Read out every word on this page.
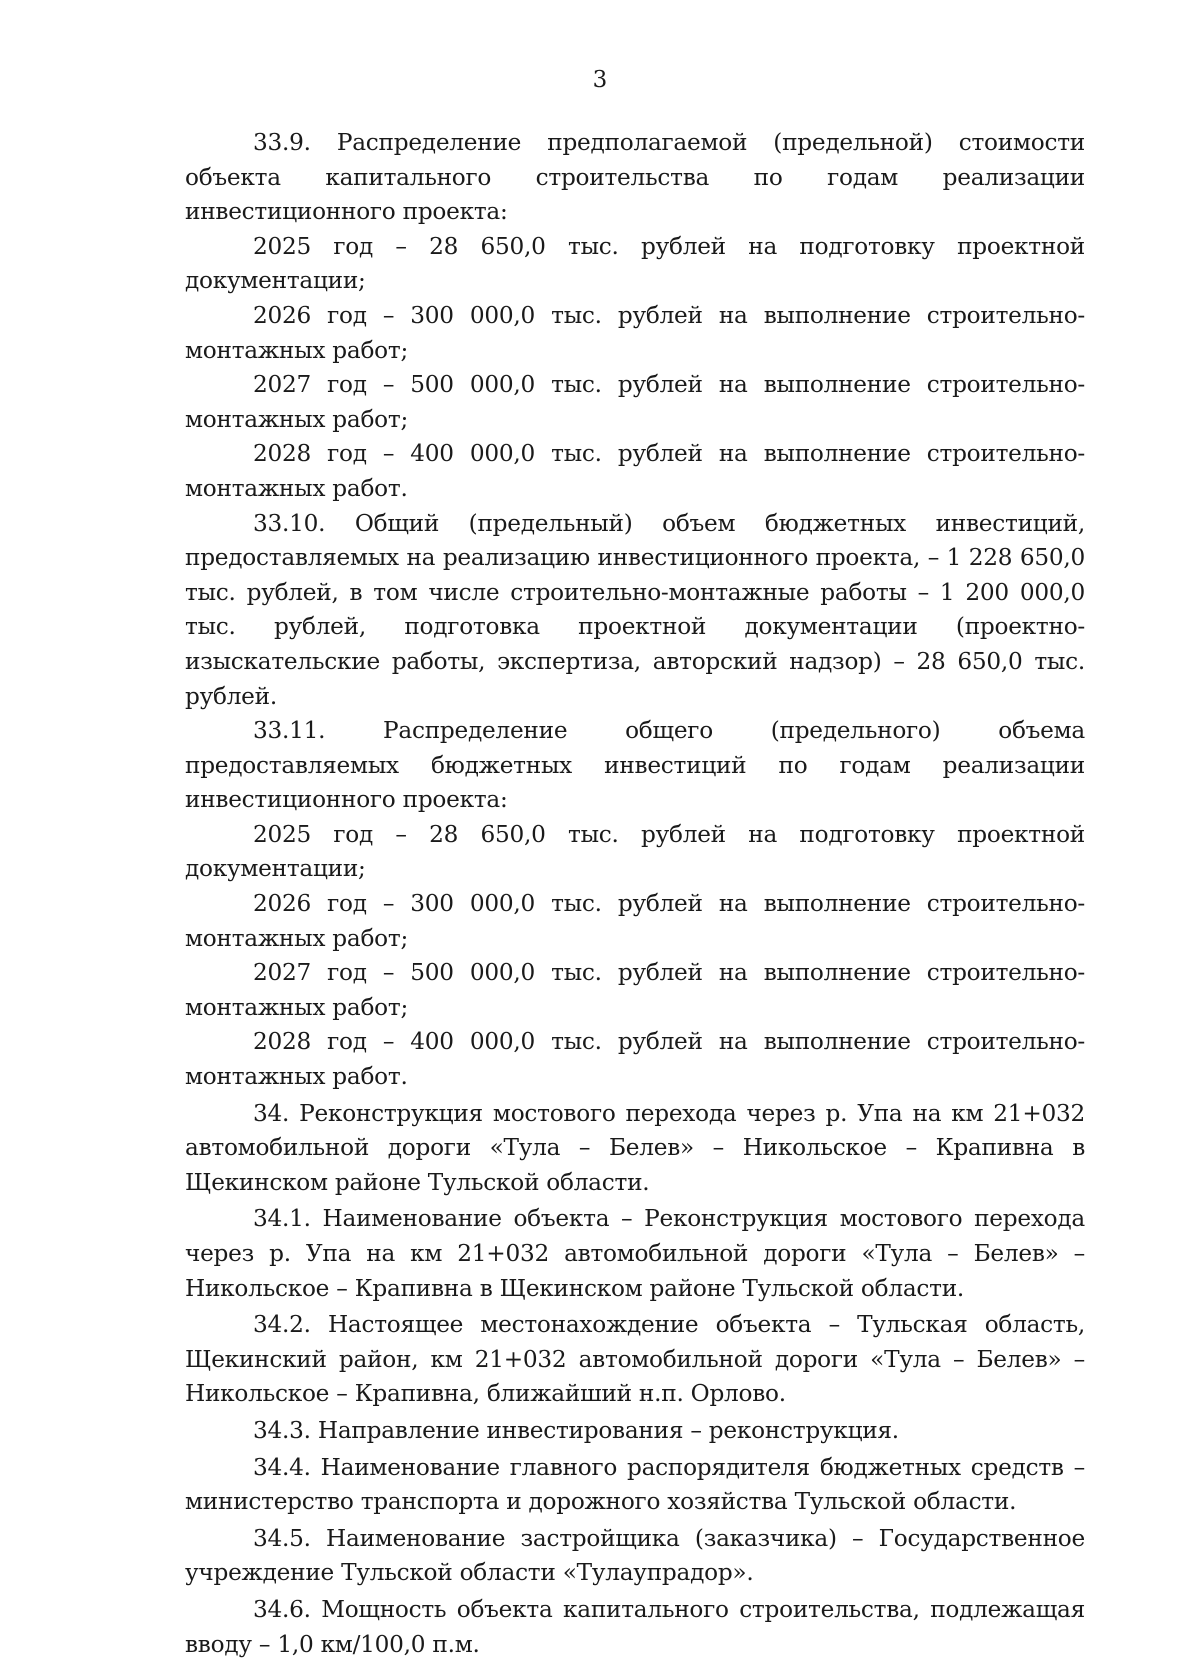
3

33.9. Распределение предполагаемой (предельной) стоимости объекта капитального строительства по годам реализации инвестиционного проекта:

2025 год – 28 650,0 тыс. рублей на подготовку проектной документации;

2026 год – 300 000,0 тыс. рублей на выполнение строительно-монтажных работ;

2027 год – 500 000,0 тыс. рублей на выполнение строительно-монтажных работ;

2028 год – 400 000,0 тыс. рублей на выполнение строительно-монтажных работ.

33.10. Общий (предельный) объем бюджетных инвестиций, предоставляемых на реализацию инвестиционного проекта, – 1 228 650,0 тыс. рублей, в том числе строительно-монтажные работы – 1 200 000,0 тыс. рублей, подготовка проектной документации (проектно-изыскательские работы, экспертиза, авторский надзор) – 28 650,0 тыс. рублей.

33.11. Распределение общего (предельного) объема предоставляемых бюджетных инвестиций по годам реализации инвестиционного проекта:

2025 год – 28 650,0 тыс. рублей на подготовку проектной документации;

2026 год – 300 000,0 тыс. рублей на выполнение строительно-монтажных работ;

2027 год – 500 000,0 тыс. рублей на выполнение строительно-монтажных работ;

2028 год – 400 000,0 тыс. рублей на выполнение строительно-монтажных работ.

34. Реконструкция мостового перехода через р. Упа на км 21+032 автомобильной дороги «Тула – Белев» – Никольское – Крапивна в Щекинском районе Тульской области.

34.1. Наименование объекта – Реконструкция мостового перехода через р. Упа на км 21+032 автомобильной дороги «Тула – Белев» – Никольское – Крапивна в Щекинском районе Тульской области.

34.2. Настоящее местонахождение объекта – Тульская область, Щекинский район, км 21+032 автомобильной дороги «Тула – Белев» – Никольское – Крапивна, ближайший н.п. Орлово.

34.3. Направление инвестирования – реконструкция.

34.4. Наименование главного распорядителя бюджетных средств – министерство транспорта и дорожного хозяйства Тульской области.

34.5. Наименование застройщика (заказчика) – Государственное учреждение Тульской области «Тулаупрадор».

34.6. Мощность объекта капитального строительства, подлежащая вводу – 1,0 км/100,0 п.м.
